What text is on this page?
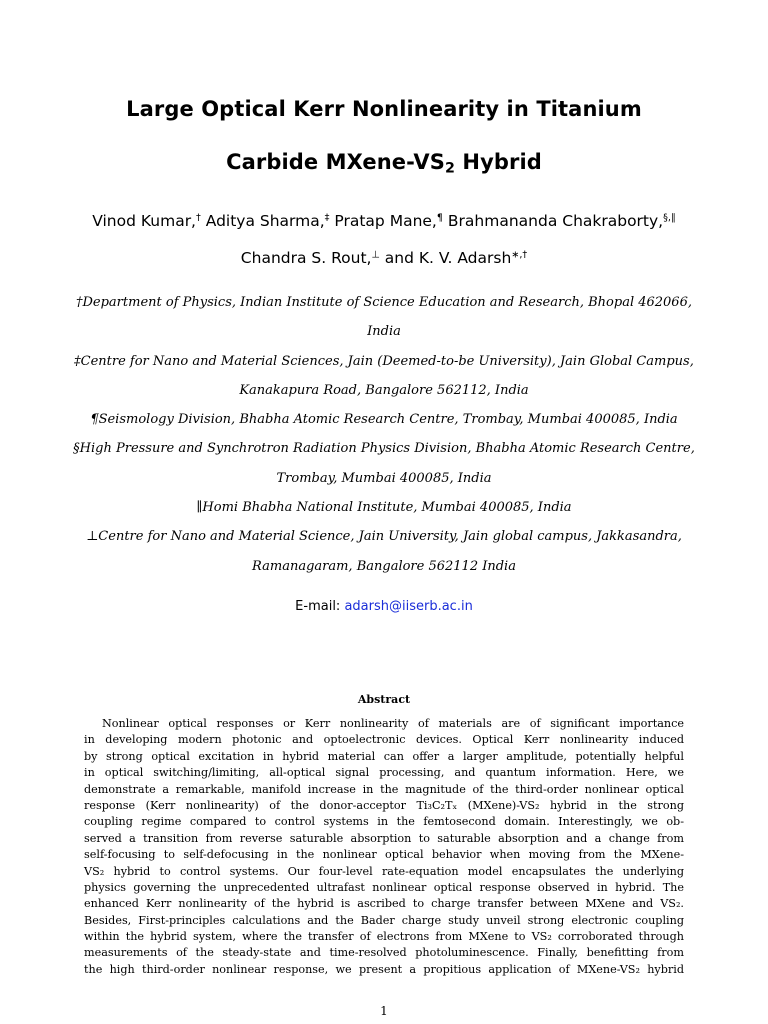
Large Optical Kerr Nonlinearity in Titanium
Carbide MXene-$VS_2$ Hybrid
Vinod Kumar,† Aditya Sharma,‡ Pratap Mane,¶ Brahmananda Chakraborty,§,∥
Chandra S. Rout,⊥ and K. V. Adarsh∗,†
†Department of Physics, Indian Institute of Science Education and Research, Bhopal 462066, India
‡Centre for Nano and Material Sciences, Jain (Deemed-to-be University), Jain Global Campus, Kanakapura Road, Bangalore 562112, India
¶Seismology Division, Bhabha Atomic Research Centre, Trombay, Mumbai 400085, India
§High Pressure and Synchrotron Radiation Physics Division, Bhabha Atomic Research Centre, Trombay, Mumbai 400085, India
∥Homi Bhabha National Institute, Mumbai 400085, India
⊥Centre for Nano and Material Science, Jain University, Jain global campus, Jakkasandra, Ramanagaram, Bangalore 562112 India
E-mail: adarsh@iiserb.ac.in
Abstract
Nonlinear optical responses or Kerr nonlinearity of materials are of significant importance
in developing modern photonic and optoelectronic devices. Optical Kerr nonlinearity induced
by strong optical excitation in hybrid material can offer a larger amplitude, potentially helpful
in optical switching/limiting, all-optical signal processing, and quantum information. Here, we
demonstrate a remarkable, manifold increase in the magnitude of the third-order nonlinear optical
response (Kerr nonlinearity) of the donor-acceptor Ti₃C₂Tₓ (MXene)-VS₂ hybrid in the strong
coupling regime compared to control systems in the femtosecond domain. Interestingly, we ob-
served a transition from reverse saturable absorption to saturable absorption and a change from
self-focusing to self-defocusing in the nonlinear optical behavior when moving from the MXene-
VS₂ hybrid to control systems. Our four-level rate-equation model encapsulates the underlying
physics governing the unprecedented ultrafast nonlinear optical response observed in hybrid. The
enhanced Kerr nonlinearity of the hybrid is ascribed to charge transfer between MXene and VS₂.
Besides, First-principles calculations and the Bader charge study unveil strong electronic coupling
within the hybrid system, where the transfer of electrons from MXene to VS₂ corroborated through
measurements of the steady-state and time-resolved photoluminescence. Finally, benefitting from
the high third-order nonlinear response, we present a propitious application of MXene-VS₂ hybrid
1
